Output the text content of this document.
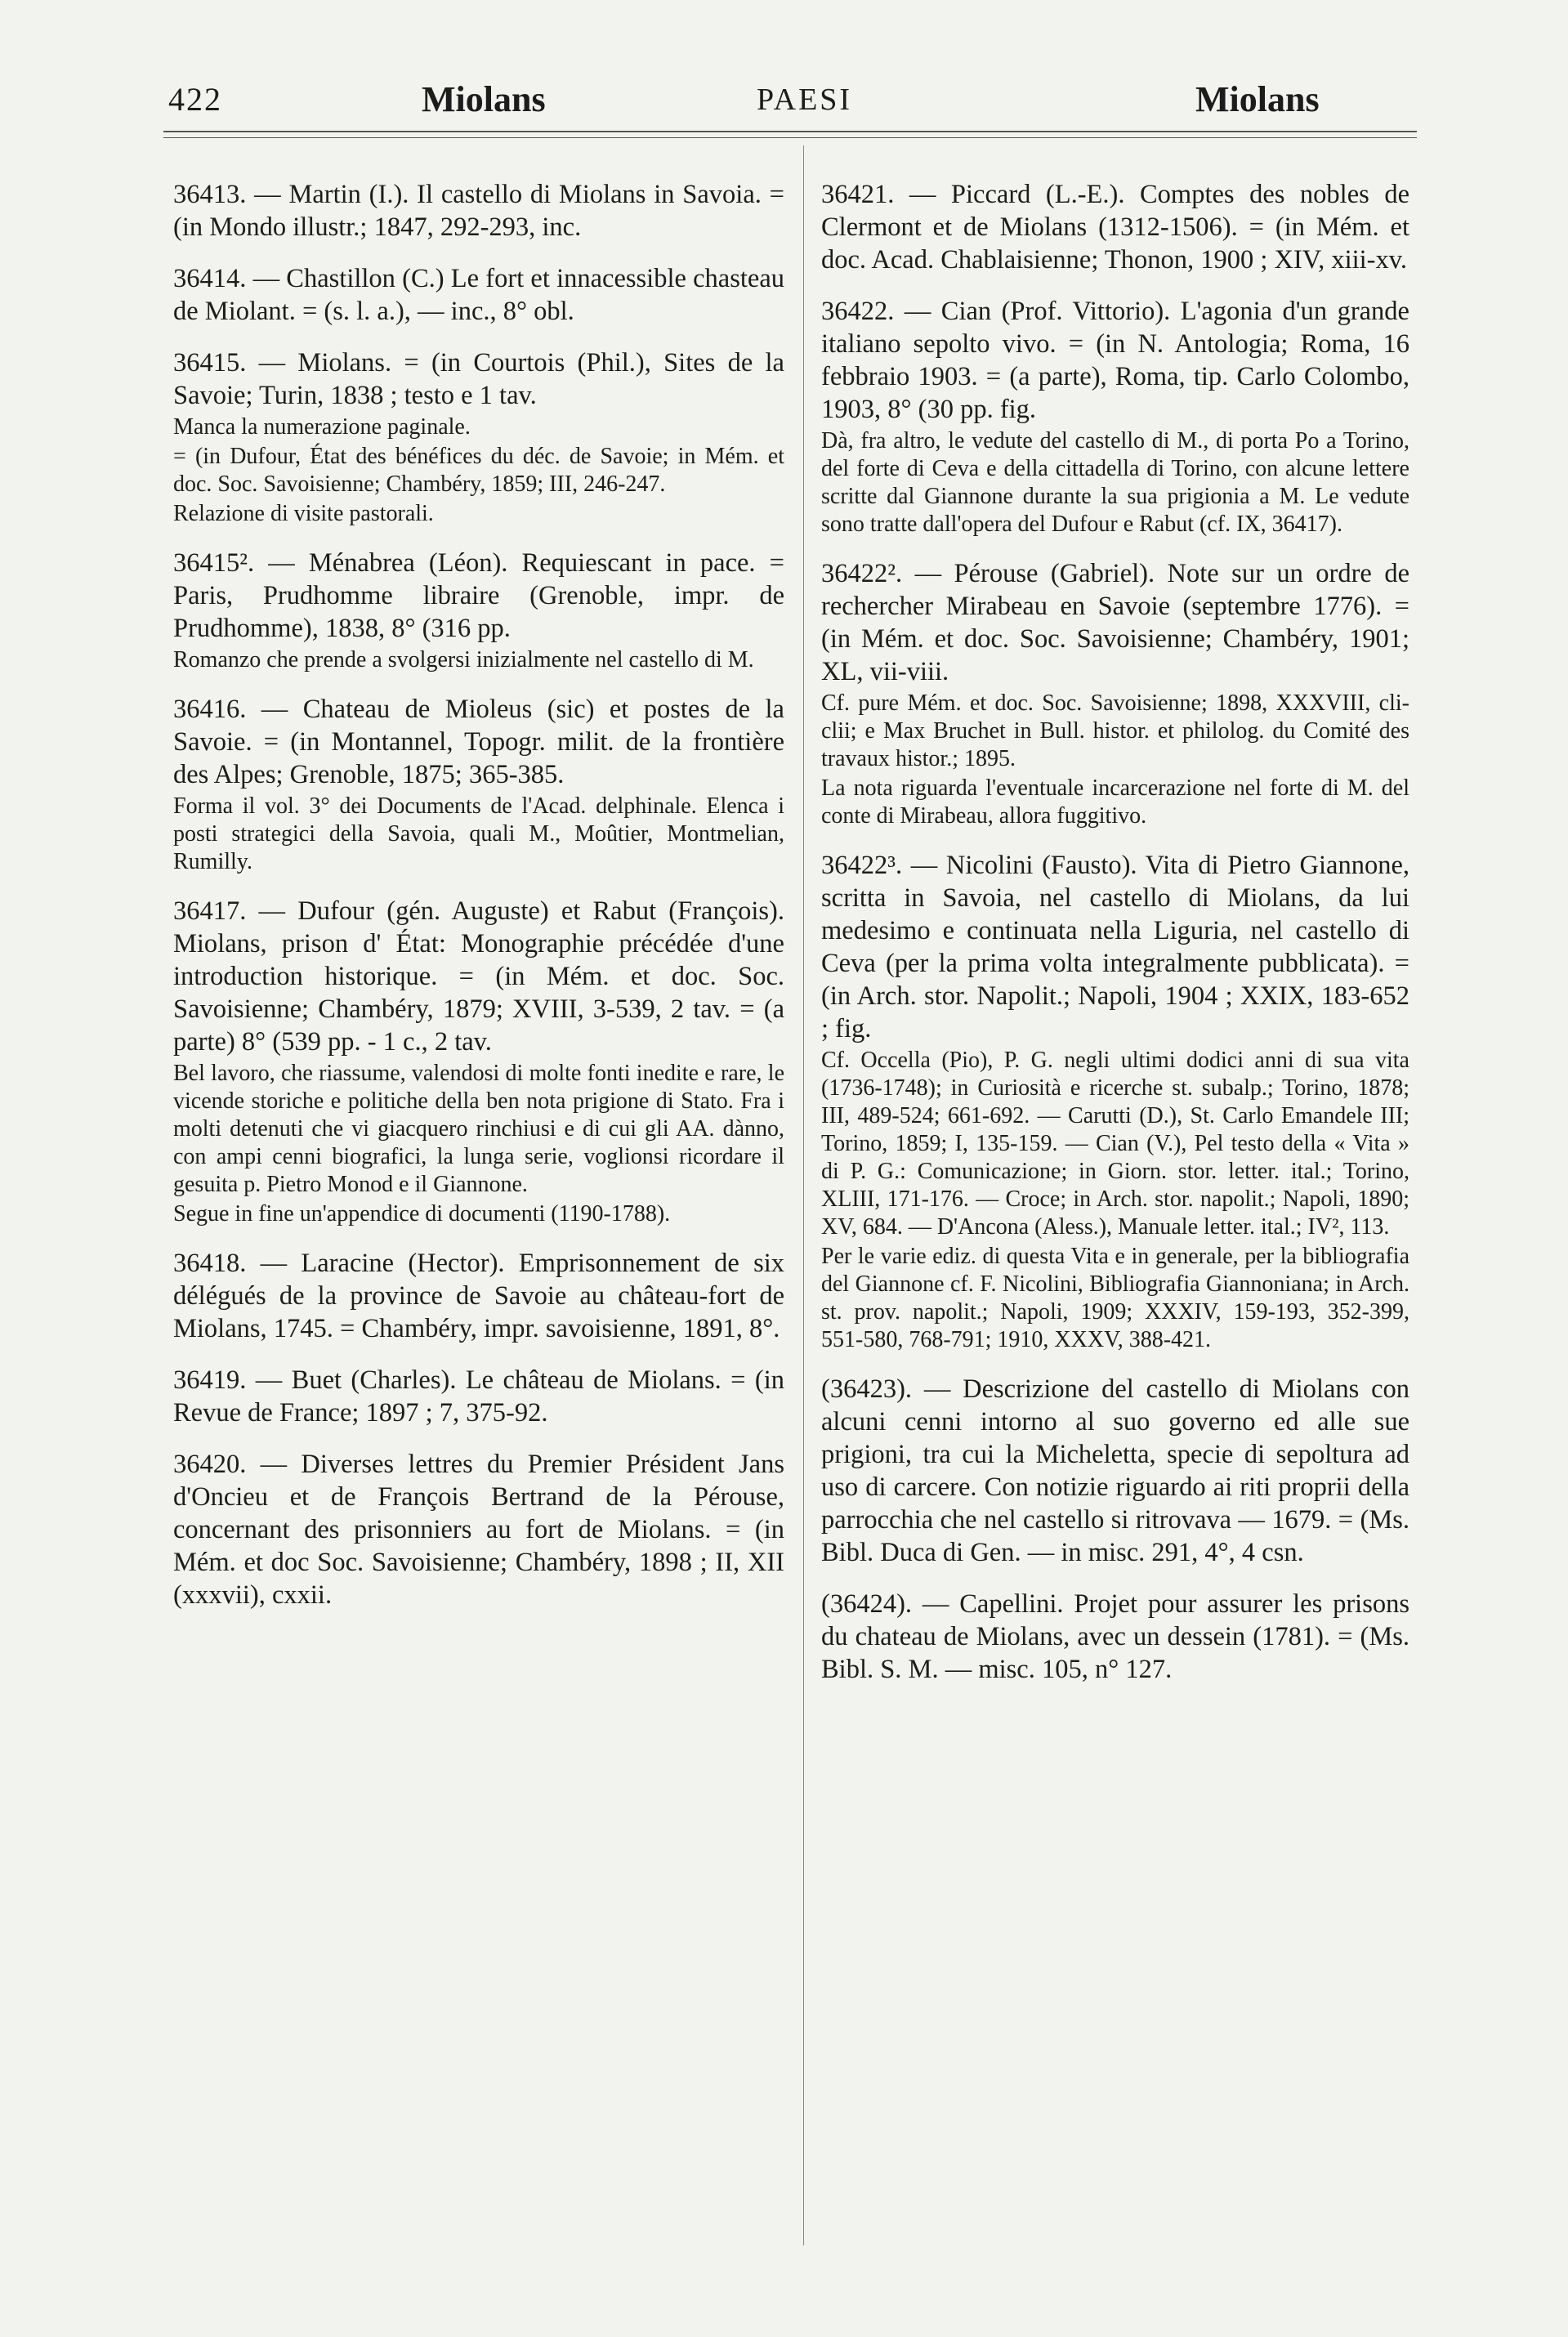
422	Miolans	PAESI	Miolans
36413. — Martin (I.). Il castello di Miolans in Savoia. = (in Mondo illustr.; 1847, 292-293, inc.
36414. — Chastillon (C.) Le fort et innacessible chasteau de Miolant. = (s. l. a.), — inc., 8° obl.
36415. — Miolans. = (in Courtois (Phil.), Sites de la Savoie; Turin, 1838 ; testo e 1 tav.
Manca la numerazione paginale.
= (in Dufour, État des bénéfices du déc. de Savoie; in Mém. et doc. Soc. Savoisienne; Chambéry, 1859; III, 246-247.
Relazione di visite pastorali.
36415². — Ménabrea (Léon). Requiescant in pace. = Paris, Prudhomme libraire (Grenoble, impr. de Prudhomme), 1838, 8° (316 pp.
Romanzo che prende a svolgersi inizialmente nel castello di M.
36416. — Chateau de Mioleus (sic) et postes de la Savoie. = (in Montannel, Topogr. milit. de la frontière des Alpes; Grenoble, 1875; 365-385.
Forma il vol. 3° dei Documents de l'Acad. delphinale. Elenca i posti strategici della Savoia, quali M., Moûtier, Montmelian, Rumilly.
36417. — Dufour (gén. Auguste) et Rabut (François). Miolans, prison d' État: Monographie précédée d'une introduction historique. = (in Mém. et doc. Soc. Savoisienne; Chambéry, 1879; XVIII, 3-539, 2 tav. = (a parte) 8° (539 pp. - 1 c., 2 tav.
Bel lavoro, che riassume, valendosi di molte fonti inedite e rare, le vicende storiche e politiche della ben nota prigione di Stato. Fra i molti detenuti che vi giacquero rinchiusi e di cui gli AA. dànno, con ampi cenni biografici, la lunga serie, voglionsi ricordare il gesuita p. Pietro Monod e il Giannone.
Segue in fine un'appendice di documenti (1190-1788).
36418. — Laracine (Hector). Emprisonnement de six délégués de la province de Savoie au château-fort de Miolans, 1745. = Chambéry, impr. savoisienne, 1891, 8°.
36419. — Buet (Charles). Le château de Miolans. = (in Revue de France; 1897 ; 7, 375-92.
36420. — Diverses lettres du Premier Président Jans d'Oncieu et de François Bertrand de la Pérouse, concernant des prisonniers au fort de Miolans. = (in Mém. et doc Soc. Savoisienne; Chambéry, 1898 ; II, XII (xxxvii), cxxii.
36421. — Piccard (L.-E.). Comptes des nobles de Clermont et de Miolans (1312-1506). = (in Mém. et doc. Acad. Chablaisienne; Thonon, 1900 ; XIV, xiii-xv.
36422. — Cian (Prof. Vittorio). L'agonia d'un grande italiano sepolto vivo. = (in N. Antologia; Roma, 16 febbraio 1903. = (a parte), Roma, tip. Carlo Colombo, 1903, 8° (30 pp. fig.
Dà, fra altro, le vedute del castello di M., di porta Po a Torino, del forte di Ceva e della cittadella di Torino, con alcune lettere scritte dal Giannone durante la sua prigionia a M. Le vedute sono tratte dall'opera del Dufour e Rabut (cf. IX, 36417).
36422². — Pérouse (Gabriel). Note sur un ordre de rechercher Mirabeau en Savoie (septembre 1776). = (in Mém. et doc. Soc. Savoisienne; Chambéry, 1901; XL, vii-viii.
Cf. pure Mém. et doc. Soc. Savoisienne; 1898, XXXVIII, cli-clii; e Max Bruchet in Bull. histor. et philolog. du Comité des travaux histor.; 1895.
La nota riguarda l'eventuale incarcerazione nel forte di M. del conte di Mirabeau, allora fuggitivo.
36422³. — Nicolini (Fausto). Vita di Pietro Giannone, scritta in Savoia, nel castello di Miolans, da lui medesimo e continuata nella Liguria, nel castello di Ceva (per la prima volta integralmente pubblicata). = (in Arch. stor. Napolit.; Napoli, 1904 ; XXIX, 183-652 ; fig.
Cf. Occella (Pio), P. G. negli ultimi dodici anni di sua vita (1736-1748); in Curiosità e ricerche st. subalp.; Torino, 1878; III, 489-524; 661-692. — Carutti (D.), St. Carlo Emandele III; Torino, 1859; I, 135-159. — Cian (V.), Pel testo della « Vita » di P. G.: Comunicazione; in Giorn. stor. letter. ital.; Torino, XLIII, 171-176. — Croce; in Arch. stor. napolit.; Napoli, 1890; XV, 684. — D'Ancona (Aless.), Manuale letter. ital.; IV², 113.
Per le varie ediz. di questa Vita e in generale, per la bibliografia del Giannone cf. F. Nicolini, Bibliografia Giannoniana; in Arch. st. prov. napolit.; Napoli, 1909; XXXIV, 159-193, 352-399, 551-580, 768-791; 1910, XXXV, 388-421.
(36423). — Descrizione del castello di Miolans con alcuni cenni intorno al suo governo ed alle sue prigioni, tra cui la Micheletta, specie di sepoltura ad uso di carcere. Con notizie riguardo ai riti proprii della parrocchia che nel castello si ritrovava — 1679. = (Ms. Bibl. Duca di Gen. — in misc. 291, 4°, 4 csn.
(36424). — Capellini. Projet pour assurer les prisons du chateau de Miolans, avec un dessein (1781). = (Ms. Bibl. S. M. — misc. 105, n° 127.
